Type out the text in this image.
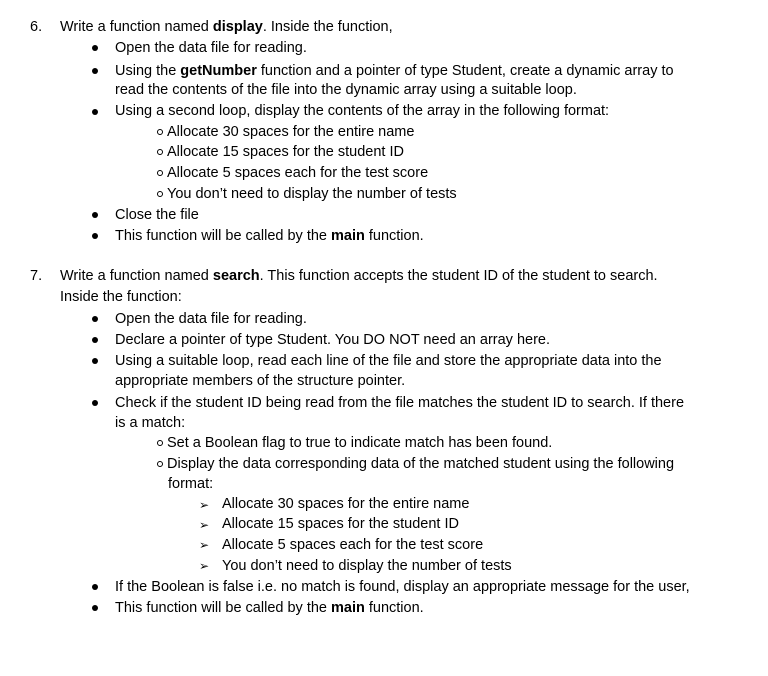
6. Write a function named display. Inside the function,
Open the data file for reading.
Using the getNumber function and a pointer of type Student, create a dynamic array to
read the contents of the file into the dynamic array using a suitable loop.
Using a second loop, display the contents of the array in the following format:
Allocate 30 spaces for the entire name
Allocate 15 spaces for the student ID
Allocate 5 spaces each for the test score
You don’t need to display the number of tests
Close the file
This function will be called by the main function.
7. Write a function named search. This function accepts the student ID of the student to search.
Inside the function:
Open the data file for reading.
Declare a pointer of type Student. You DO NOT need an array here.
Using a suitable loop, read each line of the file and store the appropriate data into the
appropriate members of the structure pointer.
Check if the student ID being read from the file matches the student ID to search. If there
is a match:
Set a Boolean flag to true to indicate match has been found.
Display the data corresponding data of the matched student using the following
format:
➢ Allocate 30 spaces for the entire name
➢ Allocate 15 spaces for the student ID
➢ Allocate 5 spaces each for the test score
➢ You don’t need to display the number of tests
If the Boolean is false i.e. no match is found, display an appropriate message for the user,
This function will be called by the main function.
